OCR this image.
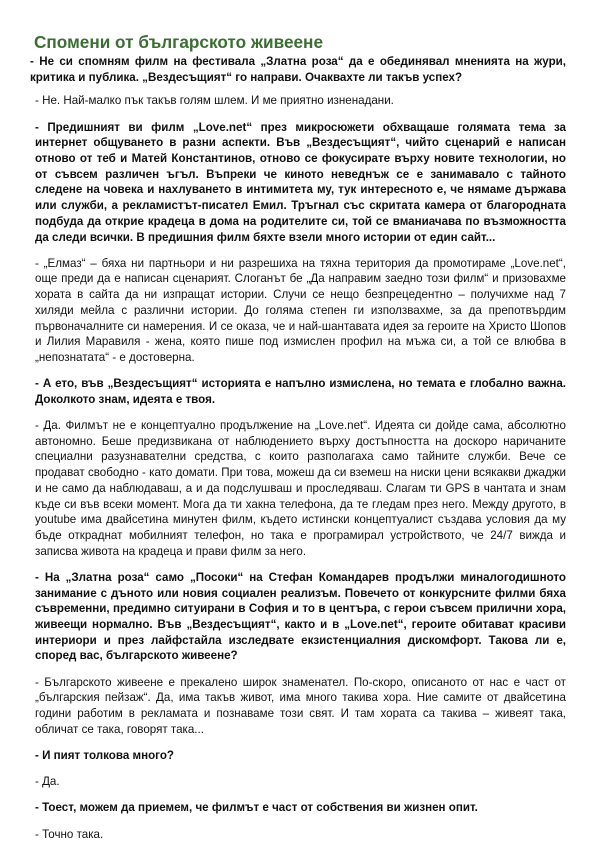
Спомени от българското живеене

- Не си спомням филм на фестивала „Златна роза“ да е обединявал мненията на жури, критика и публика. „Вездесъщият“ го направи. Очаквахте ли такъв успех?

- Не. Най-малко пък такъв голям шлем. И ме приятно изненадани.

- Предишният ви филм „Love.net“ през микросюжети обхващаше голямата тема за интернет общуването в разни аспекти. Във „Вездесъщият“, чийто сценарий е написан отново от теб и Матей Константинов, отново се фокусирате върху новите технологии, но от съвсем различен ъгъл. Въпреки че киното неведнъж се е занимавало с тайното следене на човека и нахлуването в интимитета му, тук интересното е, че нямаме държава или служби, а рекламистът-писател Емил. Тръгнал със скритата камера от благородната подбуда да открие крадеца в дома на родителите си, той се вманиачава по възможността да следи всички. В предишния филм бяхте взели много истории от един сайт...

- „Елмаз“ – бяха ни партньори и ни разрешиха на тяхна територия да промотираме „Love.net“, още преди да е написан сценарият. Слоганът бе „Да направим заедно този филм“ и призовахме хората в сайта да ни изпращат истории. Случи се нещо безпрецедентно – получихме над 7 хиляди мейла с различни истории. До голяма степен ги използвахме, за да препотвърдим първоначалните си намерения. И се оказа, че и най-шантавата идея за героите на Христо Шопов и Лилия Маравиля - жена, която пише под измислен профил на мъжа си, а той се влюбва в „непознатата“ - е достоверна.

- А ето, във „Вездесъщият“ историята е напълно измислена, но темата е глобално важна. Доколкото знам, идеята е твоя.

- Да. Филмът не е концептуално продължение на „Love.net“. Идеята си дойде сама, абсолютно автономно. Беше предизвикана от наблюдението върху достъпността на доскоро наричаните специални разузнавателни средства, с които разполагаха само тайните служби. Вече се продават свободно - като домати. При това, можеш да си вземеш на ниски цени всякакви джаджи и не само да наблюдаваш, а и да подслушваш и проследяваш. Слагам ти GPS в чантата и знам къде си във всеки момент. Мога да ти хакна телефона, да те гледам през него. Между другото, в youtube има двайсетина минутен филм, където истински концептуалист създава условия да му бъде откраднат мобилният телефон, но така е програмирал устройството, че 24/7 вижда и записва живота на крадеца и прави филм за него.

- На „Златна роза“ само „Посоки“ на Стефан Командарев продължи миналогодишното занимание с дъното или новия социален реализъм. Повечето от конкурсните филми бяха съвременни, предимно ситуирани в София и то в центъра, с герои съвсем прилични хора, живеещи нормално. Във „Вездесъщият“, както и в „Love.net“, героите обитават красиви интериори и през лайфстайла изследвате екзистенциалния дискомфорт. Такова ли е, според вас, българското живеене?

- Българското живеене е прекалено широк знаменател. По-скоро, описаното от нас е част от „българския пейзаж“. Да, има такъв живот, има много такива хора. Ние самите от двайсетина години работим в рекламата и познаваме този свят. И там хората са такива – живеят така, обличат се така, говорят така...

- И пият толкова много?

- Да.

- Тоест, можем да приемем, че филмът е част от собствения ви жизнен опит.

- Точно така.
